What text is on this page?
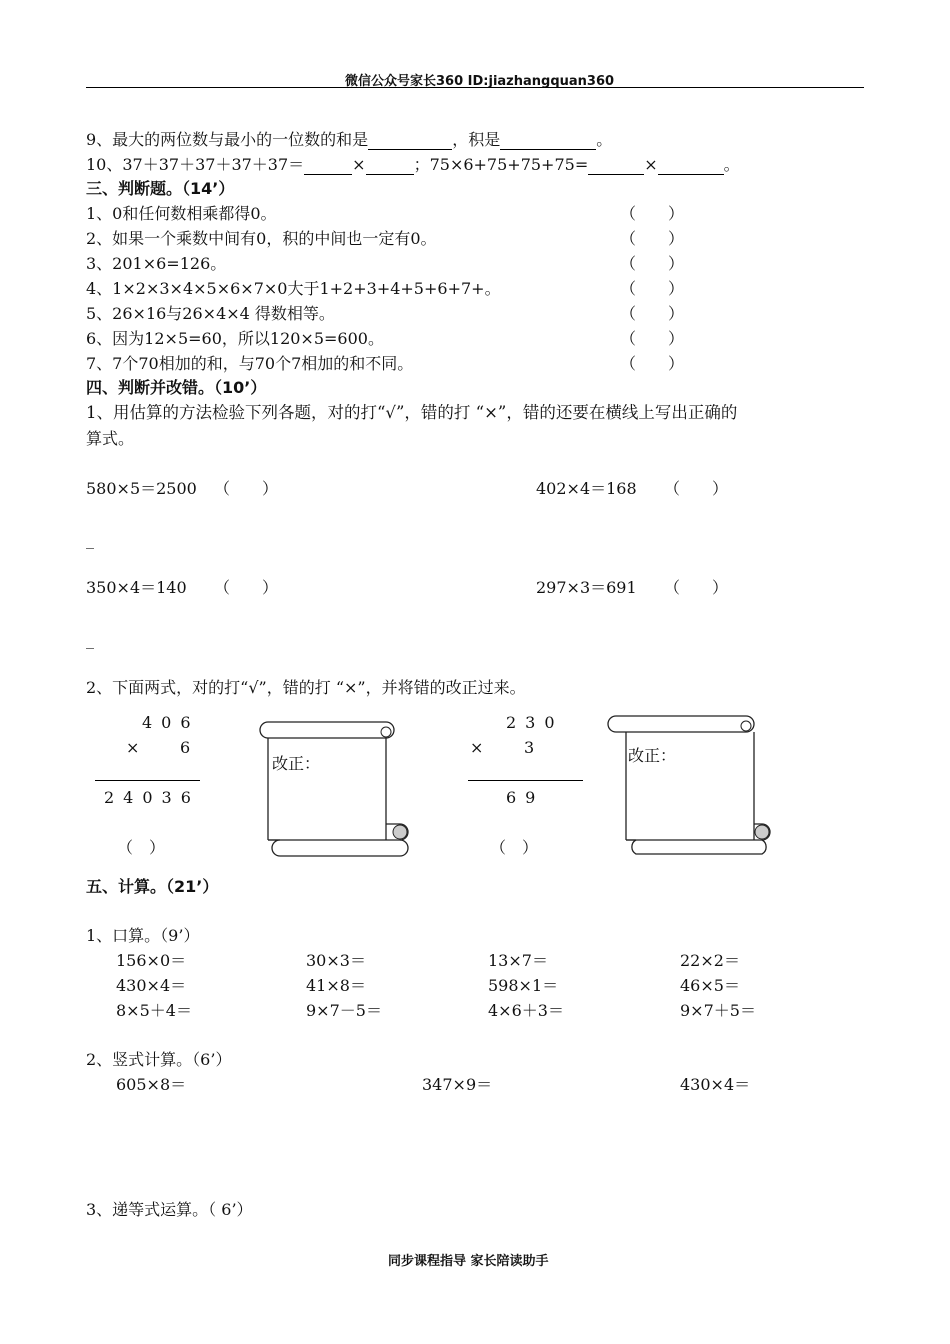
微信公众号家长360 ID:jiazhangquan360
9、最大的两位数与最小的一位数的和是	，积是	。
10、37＋37＋37＋37＋37＝	×	；75×6+75+75+75=	×	。
三、判断题。（14’）
1、0和任何数相乘都得0。	（　　）
2、如果一个乘数中间有0，积的中间也一定有0。	（　　）
3、201×6=126。	（　　）
4、1×2×3×4×5×6×7×0大于1+2+3+4+5+6+7+。	（　　）
5、26×16与26×4×4 得数相等。	（　　）
6、因为12×5=60，所以120×5=600。	（　　）
7、7个70相加的和，与70个7相加的和不同。	（　　）
四、判断并改错。（10’）
1、用估算的方法检验下列各题，对的打“√”，错的打 “×”，错的还要在横线上写出正确的
算式。
580×5＝2500 （　　）	402×4＝168 （　　）
_
350×4＝140 （　　）	297×3＝691 （　　）
_
2、下面两式，对的打“√”，错的打 “×”，并将错的改正过来。
406
×	6
24036
（　）
改正：
230
×	3
69
（　）
改正：
五、计算。（21’）
1、口算。（9’）
156×0＝	30×3＝	13×7＝	22×2＝
430×4＝	41×8＝	598×1＝	46×5＝
8×5＋4＝	9×7－5＝	4×6＋3＝	9×7＋5＝
2、竖式计算。（6’）
605×8＝	347×9＝	430×4＝
3、递等式运算。（ 6’）
同步课程指导 家长陪读助手
